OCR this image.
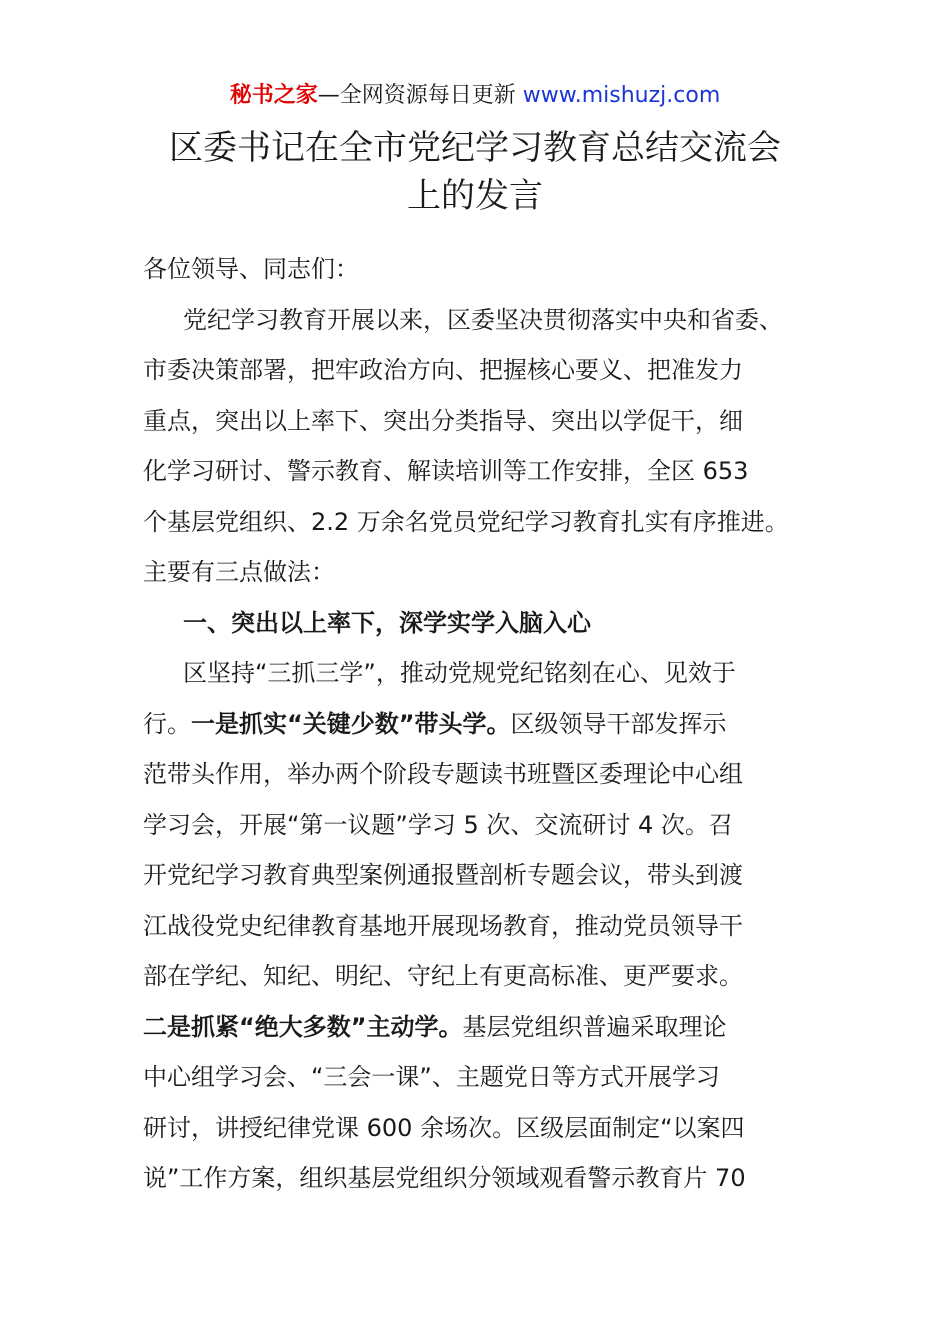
秘书之家—全网资源每日更新 www.mishuzj.com
区委书记在全市党纪学习教育总结交流会
上的发言
各位领导、同志们：
党纪学习教育开展以来，区委坚决贯彻落实中央和省委、
市委决策部署，把牢政治方向、把握核心要义、把准发力
重点，突出以上率下、突出分类指导、突出以学促干，细
化学习研讨、警示教育、解读培训等工作安排，全区 653
个基层党组织、2.2 万余名党员党纪学习教育扎实有序推进。
主要有三点做法：
一、突出以上率下，深学实学入脑入心
区坚持“三抓三学”，推动党规党纪铭刻在心、见效于
行。一是抓实“关键少数”带头学。区级领导干部发挥示
范带头作用，举办两个阶段专题读书班暨区委理论中心组
学习会，开展“第一议题”学习 5 次、交流研讨 4 次。召
开党纪学习教育典型案例通报暨剖析专题会议，带头到渡
江战役党史纪律教育基地开展现场教育，推动党员领导干
部在学纪、知纪、明纪、守纪上有更高标准、更严要求。
二是抓紧“绝大多数”主动学。基层党组织普遍采取理论
中心组学习会、“三会一课”、主题党日等方式开展学习
研讨，讲授纪律党课 600 余场次。区级层面制定“以案四
说”工作方案，组织基层党组织分领域观看警示教育片 70
